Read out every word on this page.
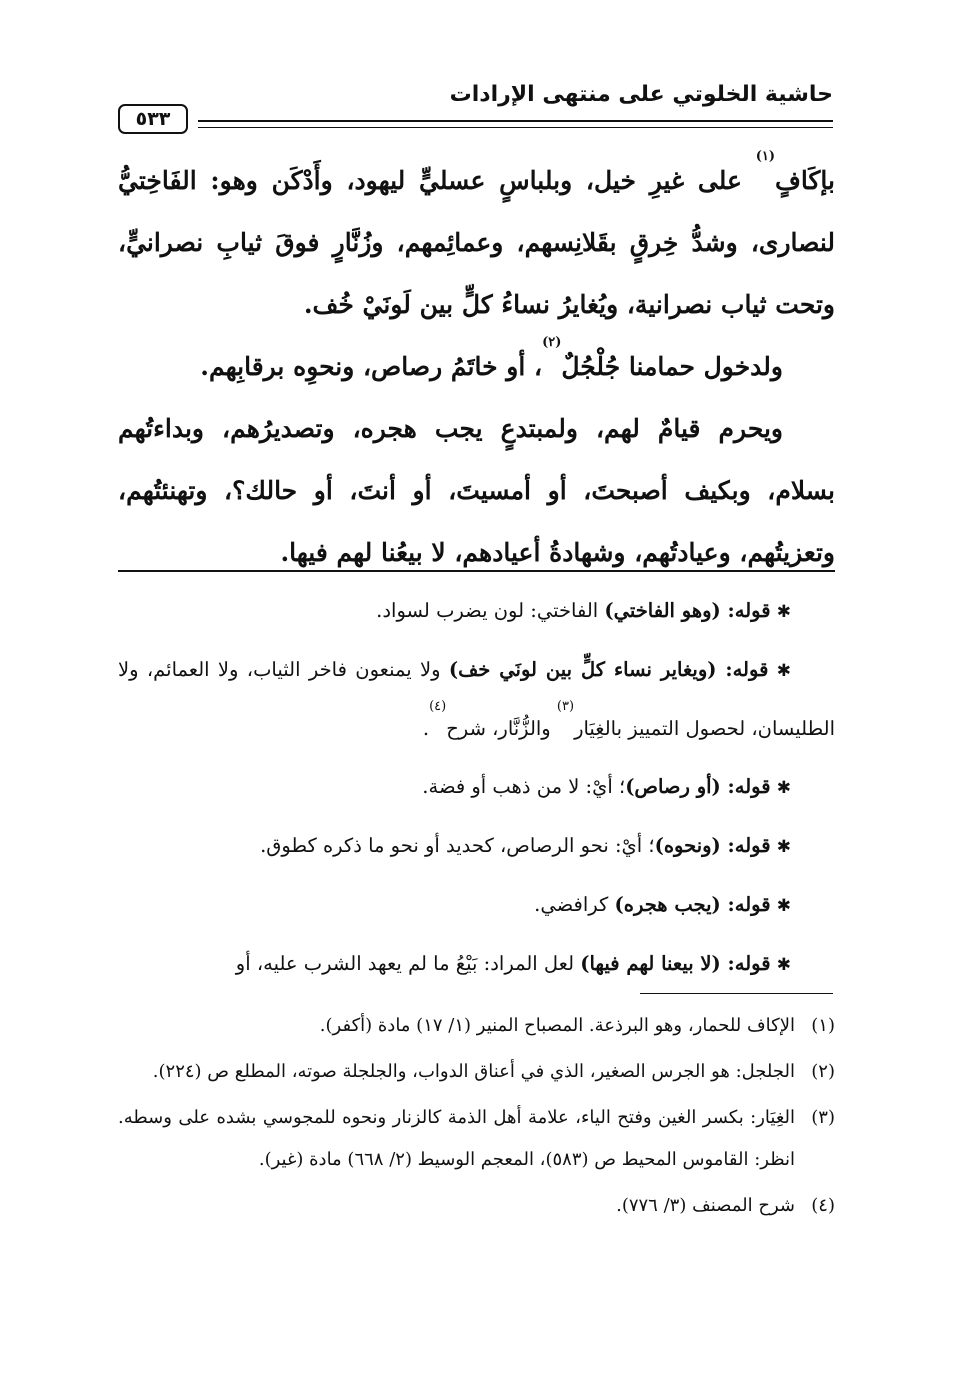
حاشية الخلوتي على منتهى الإرادات
٥٣٣

بإكَافٍ$^{(١)}$ على غيرِ خيل، وبلباسٍ عسليٍّ ليهود، وأَدْكَن وهو: الفَاخِتيُّ لنصارى، وشدُّ خِرقٍ بقَلانِسهم، وعمائِمهم، وزُنَّارٍ فوقَ ثيابِ نصرانيٍّ، وتحت ثياب نصرانية، ويُغايرُ نساءُ كلٍّ بين لَونَيْ خُف.

ولدخول حمامنا جُلْجُلٌ$^{(٢)}$، أو خاتَمُ رصاص، ونحوِه برقابِهم.

ويحرم قيامٌ لهم، ولمبتدعٍ يجب هجره، وتصديرُهم، وبداءتُهم بسلام، وبكيف أصبحتَ، أو أمسيتَ، أو أنتَ، أو حالك؟، وتهنئتُهم، وتعزيتُهم، وعيادتُهم، وشهادةُ أعيادهم، لا بيعُنا لهم فيها.

✱ قوله: (وهو الفاختي) الفاختي: لون يضرب لسواد.

✱ قوله: (ويغاير نساء كلٍّ بين لونَي خف) ولا يمنعون فاخر الثياب، ولا العمائم، ولا الطليسان، لحصول التمييز بالغِيَار$^{(٣)}$ والزُّنَّار، شرح$^{(٤)}$.

✱ قوله: (أو رصاص)؛ أيْ: لا من ذهب أو فضة.

✱ قوله: (ونحوه)؛ أيْ: نحو الرصاص، كحديد أو نحو ما ذكره كطوق.

✱ قوله: (يجب هجره) كرافضي.

✱ قوله: (لا بيعنا لهم فيها) لعل المراد: بَيْعُ ما لم يعهد الشرب عليه، أو

(١)
الإكاف للحمار، وهو البرذعة. المصباح المنير (١/ ١٧) مادة (أكفر).
(٢)
الجلجل: هو الجرس الصغير، الذي في أعناق الدواب، والجلجلة صوته، المطلع ص (٢٢٤).
(٣)
الغِيَار: بكسر الغين وفتح الياء، علامة أهل الذمة كالزنار ونحوه للمجوسي بشده على وسطه. انظر: القاموس المحيط ص (٥٨٣)، المعجم الوسيط (٢/ ٦٦٨) مادة (غير).
(٤)
شرح المصنف (٣/ ٧٧٦).
